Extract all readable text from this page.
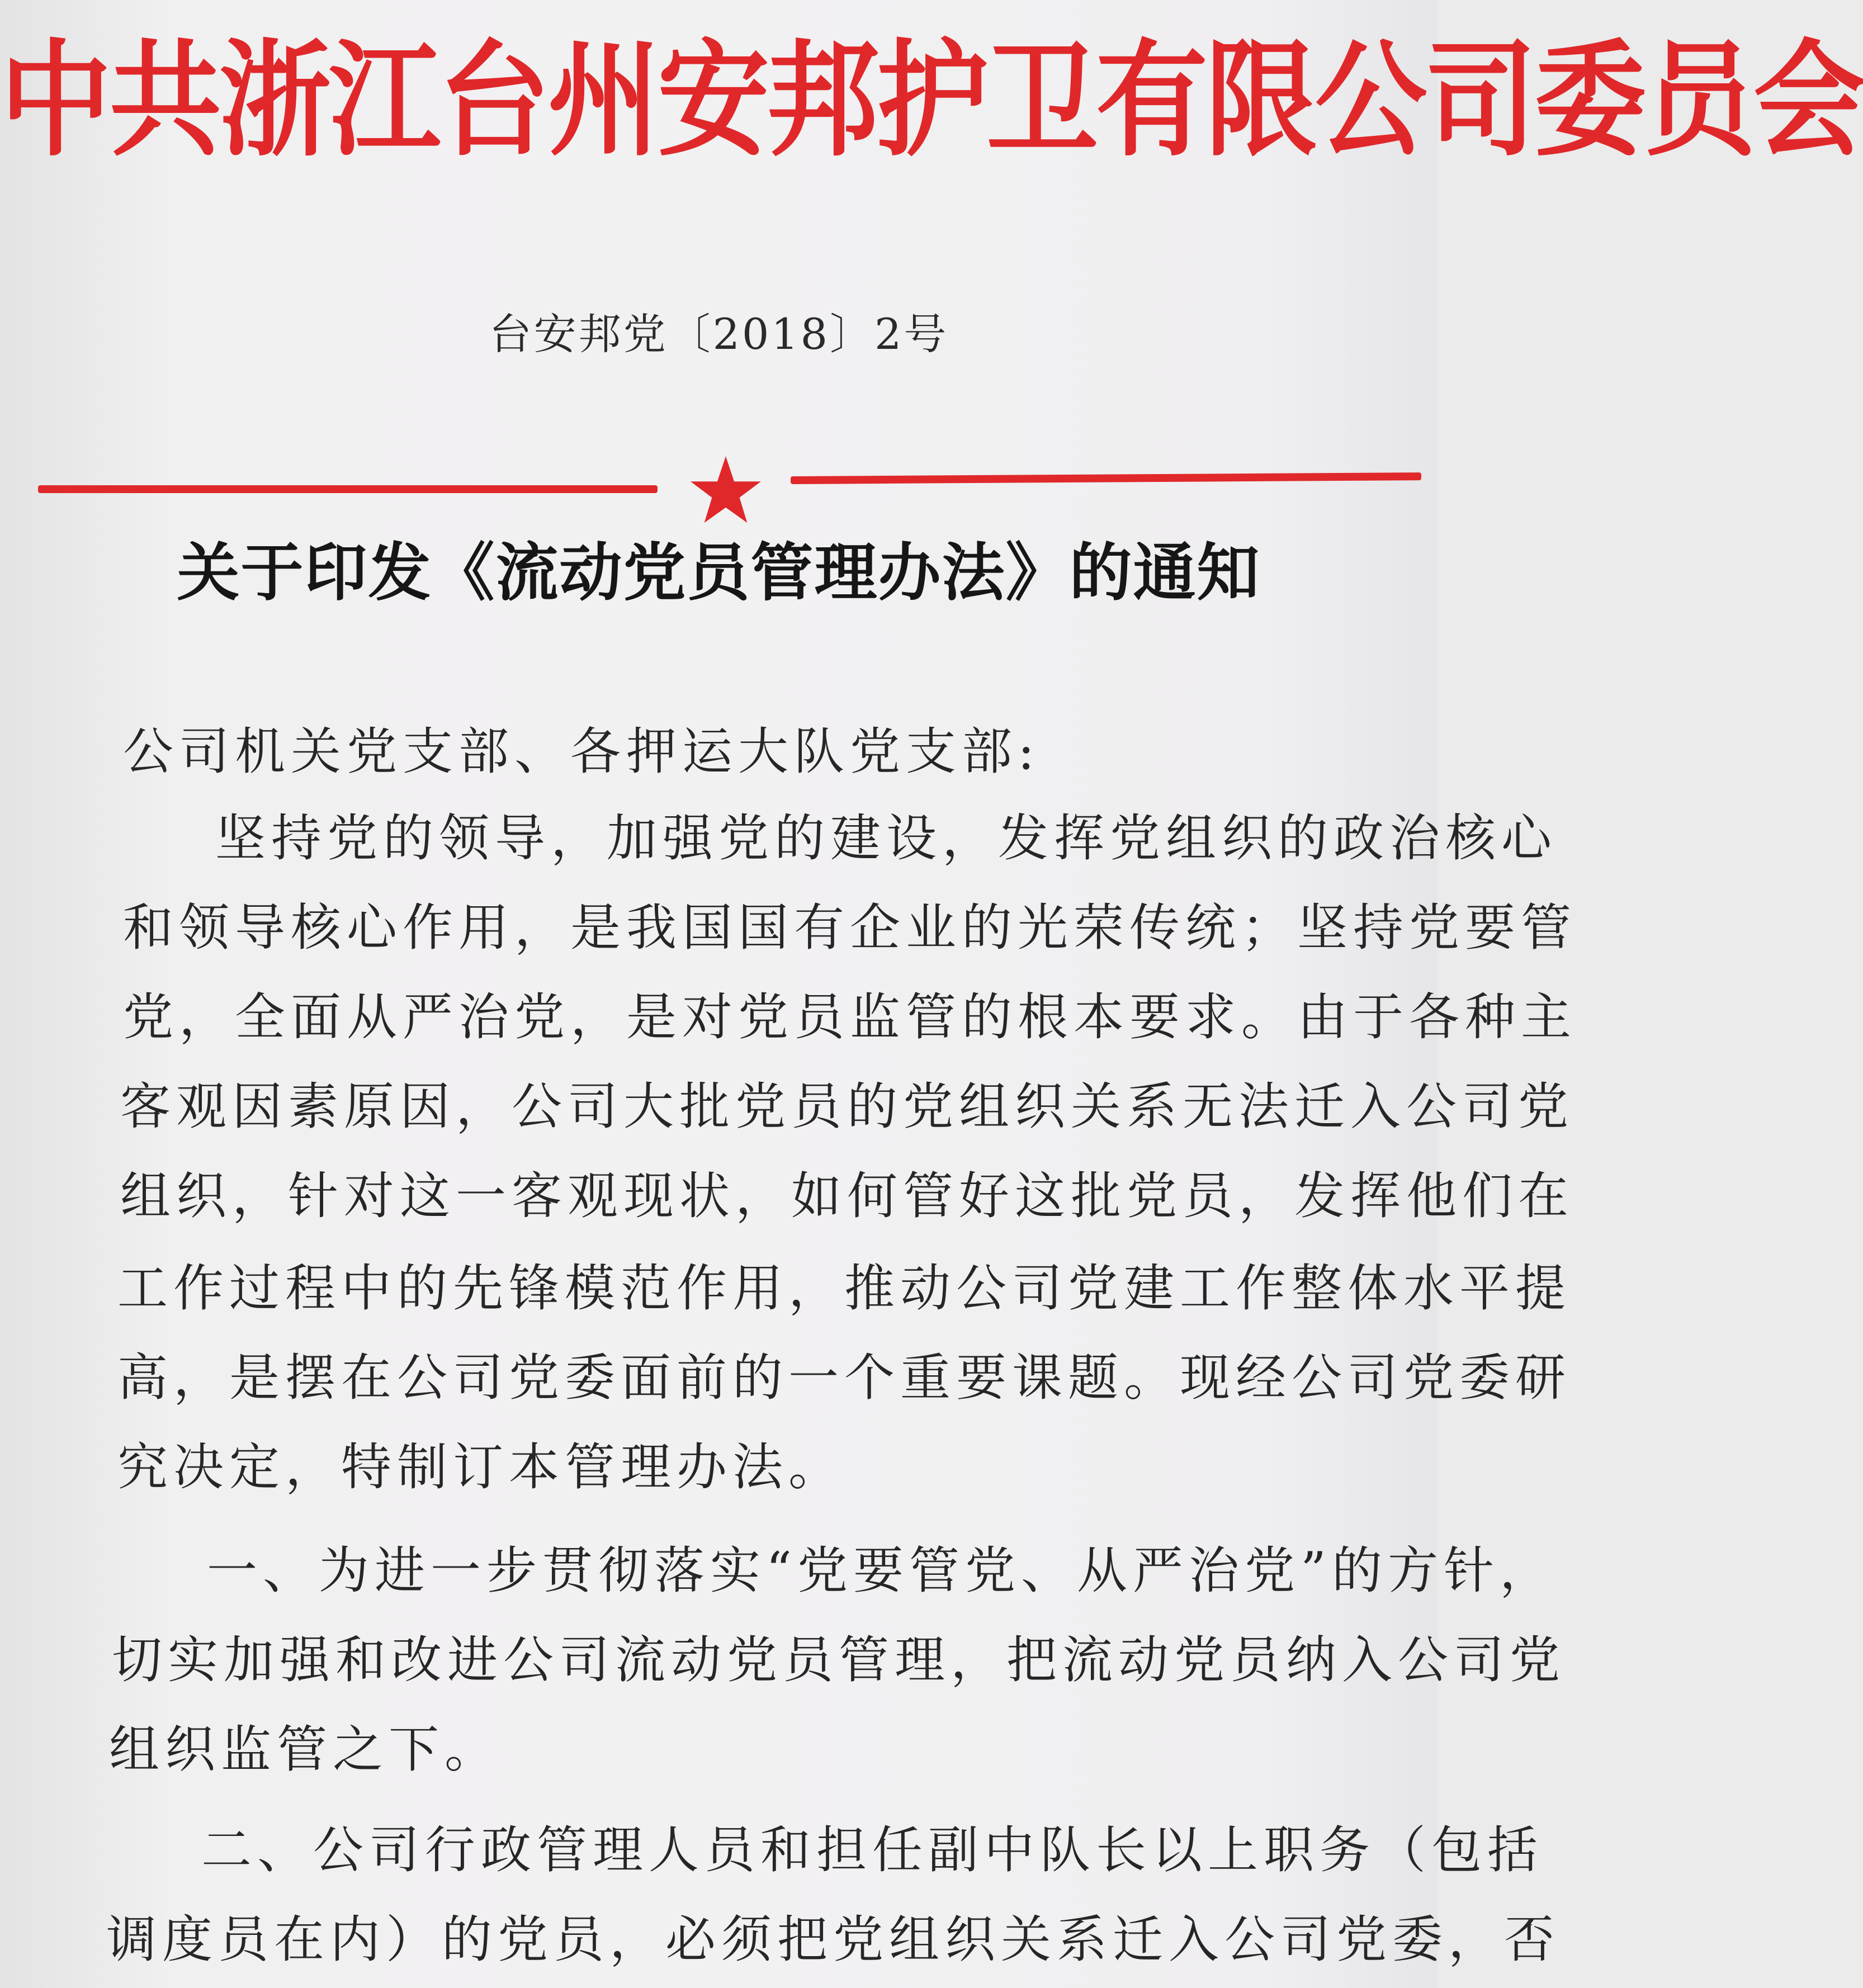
中共浙江台州安邦护卫有限公司委员会
台安邦党〔2018〕2号
关于印发《流动党员管理办法》的通知
公司机关党支部、各押运大队党支部:
坚持党的领导，加强党的建设，发挥党组织的政治核心
和领导核心作用，是我国国有企业的光荣传统；坚持党要管
党，全面从严治党，是对党员监管的根本要求。由于各种主
客观因素原因，公司大批党员的党组织关系无法迁入公司党
组织，针对这一客观现状，如何管好这批党员，发挥他们在
工作过程中的先锋模范作用，推动公司党建工作整体水平提
高，是摆在公司党委面前的一个重要课题。现经公司党委研
究决定，特制订本管理办法。
一、为进一步贯彻落实“党要管党、从严治党”的方针，
切实加强和改进公司流动党员管理，把流动党员纳入公司党
组织监管之下。
二、公司行政管理人员和担任副中队长以上职务（包括
调度员在内）的党员，必须把党组织关系迁入公司党委，否
